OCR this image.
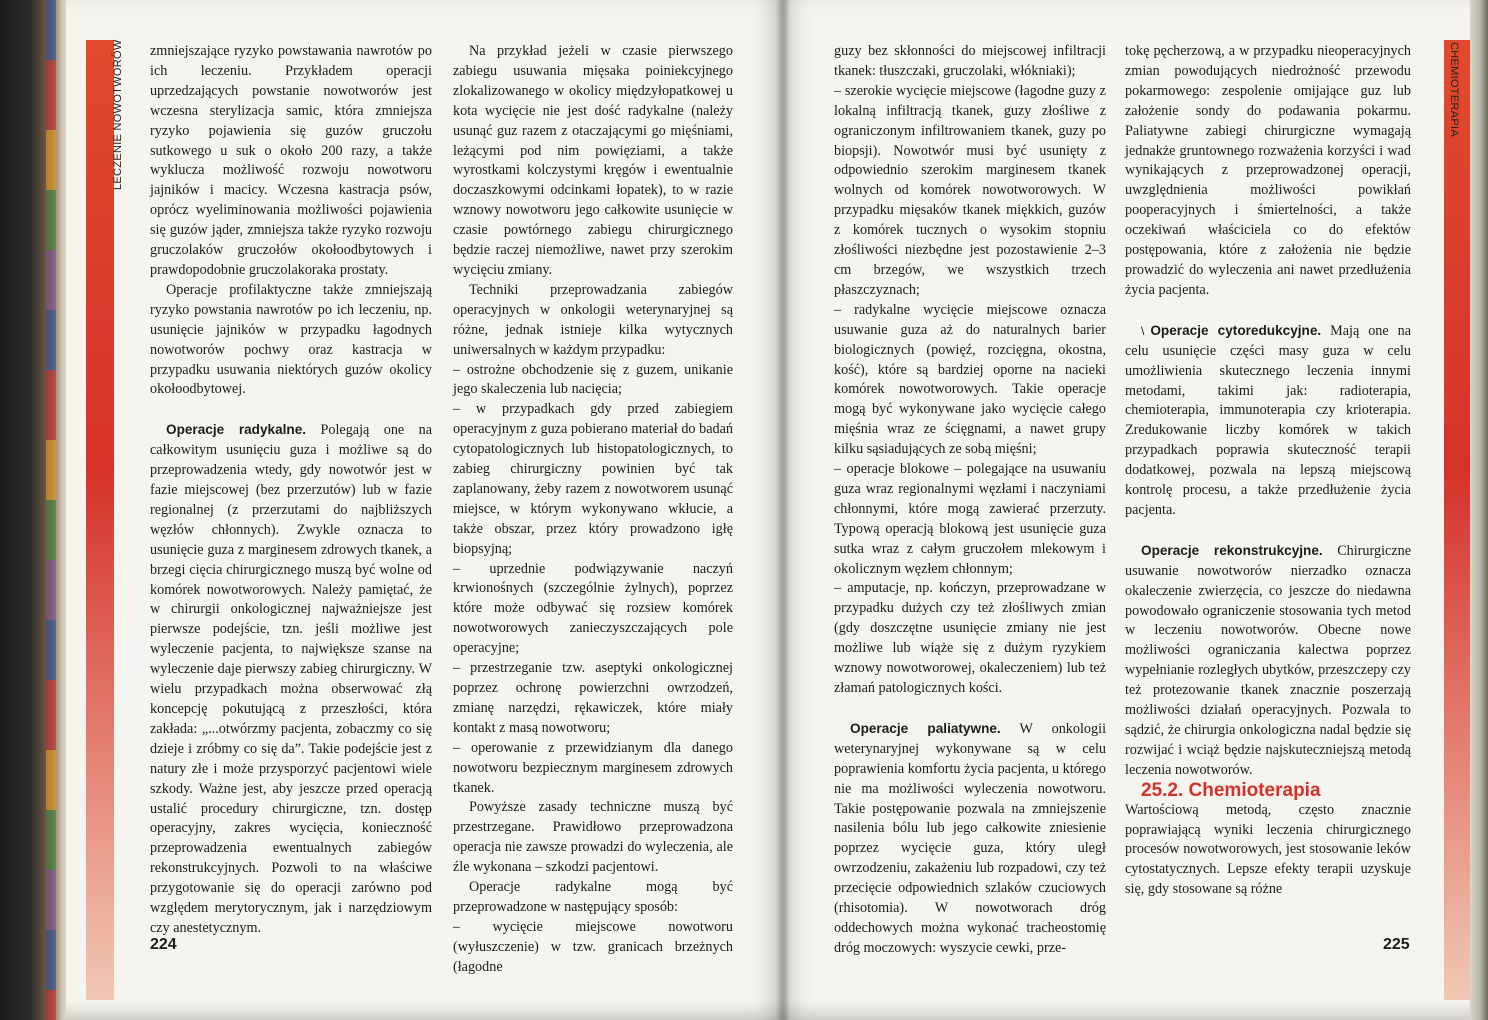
LECZENIE NOWOTWORÓW	CHEMIOTERAPIA

zmniejszające ryzyko powstawania nawrotów po ich leczeniu. Przykładem operacji uprzedzających powstanie nowotworów jest wczesna sterylizacja samic, która zmniejsza ryzyko pojawienia się guzów gruczołu sutkowego u suk o około 200 razy, a także wyklucza możliwość rozwoju nowotworu jajników i macicy. Wczesna kastracja psów, oprócz wyeliminowania możliwości pojawienia się guzów jąder, zmniejsza także ryzyko rozwoju gruczolaków gruczołów okołoodbytowych i prawdopodobnie gruczolakoraka prostaty.

Operacje profilaktyczne także zmniejszają ryzyko powstania nawrotów po ich leczeniu, np. usunięcie jajników w przypadku łagodnych nowotworów pochwy oraz kastracja w przypadku usuwania niektórych guzów okolicy okołoodbytowej.

Operacje radykalne. Polegają one na całkowitym usunięciu guza i możliwe są do przeprowadzenia wtedy, gdy nowotwór jest w fazie miejscowej (bez przerzutów) lub w fazie regionalnej (z przerzutami do najbliższych węzłów chłonnych). Zwykle oznacza to usunięcie guza z marginesem zdrowych tkanek, a brzegi cięcia chirurgicznego muszą być wolne od komórek nowotworowych. Należy pamiętać, że w chirurgii onkologicznej najważniejsze jest pierwsze podejście, tzn. jeśli możliwe jest wyleczenie pacjenta, to największe szanse na wyleczenie daje pierwszy zabieg chirurgiczny. W wielu przypadkach można obserwować złą koncepcję pokutującą z przeszłości, która zakłada: „...otwórzmy pacjenta, zobaczmy co się dzieje i zróbmy co się da”. Takie podejście jest z natury złe i może przysporzyć pacjentowi wiele szkody. Ważne jest, aby jeszcze przed operacją ustalić procedury chirurgiczne, tzn. dostęp operacyjny, zakres wycięcia, konieczność przeprowadzenia ewentualnych zabiegów rekonstrukcyjnych. Pozwoli to na właściwe przygotowanie się do operacji zarówno pod względem merytorycznym, jak i narzędziowym czy anestetycznym.

Na przykład jeżeli w czasie pierwszego zabiegu usuwania mięsaka poiniekcyjnego zlokalizowanego w okolicy międzyłopatkowej u kota wycięcie nie jest dość radykalne (należy usunąć guz razem z otaczającymi go mięśniami, leżącymi pod nim powięziami, a także wyrostkami kolczystymi kręgów i ewentualnie doczaszkowymi odcinkami łopatek), to w razie wznowy nowotworu jego całkowite usunięcie w czasie powtórnego zabiegu chirurgicznego będzie raczej niemożliwe, nawet przy szerokim wycięciu zmiany.

Techniki przeprowadzania zabiegów operacyjnych w onkologii weterynaryjnej są różne, jednak istnieje kilka wytycznych uniwersalnych w każdym przypadku:

– ostrożne obchodzenie się z guzem, unikanie jego skaleczenia lub nacięcia;

– w przypadkach gdy przed zabiegiem operacyjnym z guza pobierano materiał do badań cytopatologicznych lub histopatologicznych, to zabieg chirurgiczny powinien być tak zaplanowany, żeby razem z nowotworem usunąć miejsce, w którym wykonywano wkłucie, a także obszar, przez który prowadzono igłę biopsyjną;

– uprzednie podwiązywanie naczyń krwionośnych (szczególnie żylnych), poprzez które może odbywać się rozsiew komórek nowotworowych zanieczyszczających pole operacyjne;

– przestrzeganie tzw. aseptyki onkologicznej poprzez ochronę powierzchni owrzodzeń, zmianę narzędzi, rękawiczek, które miały kontakt z masą nowotworu;

– operowanie z przewidzianym dla danego nowotworu bezpiecznym marginesem zdrowych tkanek.

Powyższe zasady techniczne muszą być przestrzegane. Prawidłowo przeprowadzona operacja nie zawsze prowadzi do wyleczenia, ale źle wykonana – szkodzi pacjentowi.

Operacje radykalne mogą być przeprowadzone w następujący sposób:

– wycięcie miejscowe nowotworu (wyłuszczenie) w tzw. granicach brzeżnych (łagodne

guzy bez skłonności do miejscowej infiltracji tkanek: tłuszczaki, gruczolaki, włókniaki);

– szerokie wycięcie miejscowe (łagodne guzy z lokalną infiltracją tkanek, guzy złośliwe z ograniczonym infiltrowaniem tkanek, guzy po biopsji). Nowotwór musi być usunięty z odpowiednio szerokim marginesem tkanek wolnych od komórek nowotworowych. W przypadku mięsaków tkanek miękkich, guzów z komórek tucznych o wysokim stopniu złośliwości niezbędne jest pozostawienie 2–3 cm brzegów, we wszystkich trzech płaszczyznach;

– radykalne wycięcie miejscowe oznacza usuwanie guza aż do naturalnych barier biologicznych (powięź, rozcięgna, okostna, kość), które są bardziej oporne na nacieki komórek nowotworowych. Takie operacje mogą być wykonywane jako wycięcie całego mięśnia wraz ze ścięgnami, a nawet grupy kilku sąsiadujących ze sobą mięśni;

– operacje blokowe – polegające na usuwaniu guza wraz regionalnymi węzłami i naczyniami chłonnymi, które mogą zawierać przerzuty. Typową operacją blokową jest usunięcie guza sutka wraz z całym gruczołem mlekowym i okolicznym węzłem chłonnym;

– amputacje, np. kończyn, przeprowadzane w przypadku dużych czy też złośliwych zmian (gdy doszczętne usunięcie zmiany nie jest możliwe lub wiąże się z dużym ryzykiem wznowy nowotworowej, okaleczeniem) lub też złamań patologicznych kości.

Operacje paliatywne. W onkologii weterynaryjnej wykonywane są w celu poprawienia komfortu życia pacjenta, u którego nie ma możliwości wyleczenia nowotworu. Takie postępowanie pozwala na zmniejszenie nasilenia bólu lub jego całkowite zniesienie poprzez wycięcie guza, który uległ owrzodzeniu, zakażeniu lub rozpadowi, czy też przecięcie odpowiednich szlaków czuciowych (rhisotomia). W nowotworach dróg oddechowych można wykonać tracheostomię dróg moczowych: wyszycie cewki, prze-

tokę pęcherzową, a w przypadku nieoperacyjnych zmian powodujących niedrożność przewodu pokarmowego: zespolenie omijające guz lub założenie sondy do podawania pokarmu. Paliatywne zabiegi chirurgiczne wymagają jednakże gruntownego rozważenia korzyści i wad wynikających z przeprowadzonej operacji, uwzględnienia możliwości powikłań pooperacyjnych i śmiertelności, a także oczekiwań właściciela co do efektów postępowania, które z założenia nie będzie prowadzić do wyleczenia ani nawet przedłużenia życia pacjenta.

\ Operacje cytoredukcyjne. Mają one na celu usunięcie części masy guza w celu umożliwienia skutecznego leczenia innymi metodami, takimi jak: radioterapia, chemioterapia, immunoterapia czy krioterapia. Zredukowanie liczby komórek w takich przypadkach poprawia skuteczność terapii dodatkowej, pozwala na lepszą miejscową kontrolę procesu, a także przedłużenie życia pacjenta.

Operacje rekonstrukcyjne. Chirurgiczne usuwanie nowotworów nierzadko oznacza okaleczenie zwierzęcia, co jeszcze do niedawna powodowało ograniczenie stosowania tych metod w leczeniu nowotworów. Obecne nowe możliwości ograniczania kalectwa poprzez wypełnianie rozległych ubytków, przeszczepy czy też protezowanie tkanek znacznie poszerzają możliwości działań operacyjnych. Pozwala to sądzić, że chirurgia onkologiczna nadal będzie się rozwijać i wciąż będzie najskuteczniejszą metodą leczenia nowotworów.

25.2. Chemioterapia

Wartościową metodą, często znacznie poprawiającą wyniki leczenia chirurgicznego procesów nowotworowych, jest stosowanie leków cytostatycznych. Lepsze efekty terapii uzyskuje się, gdy stosowane są różne

224	225
